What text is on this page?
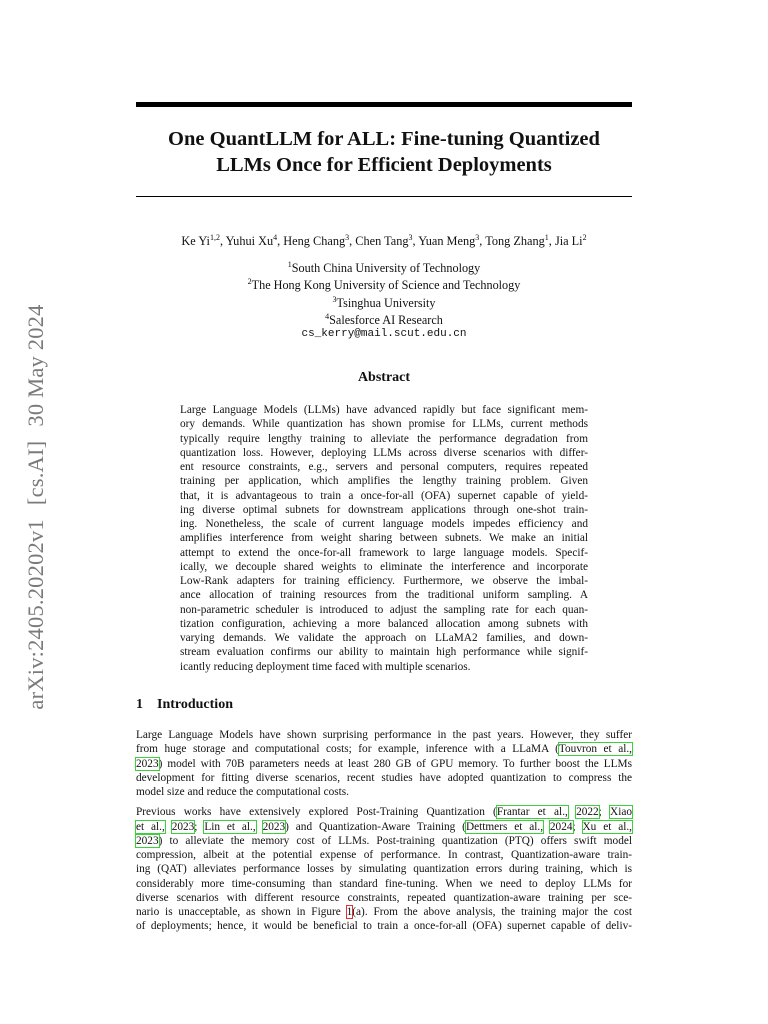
arXiv:2405.20202v1[cs.AI]30 May 2024
One QuantLLM for ALL: Fine-tuning Quantized
LLMs Once for Efficient Deployments
Ke Yi$^{1,2}$, Yuhui Xu$^4$, Heng Chang$^3$, Chen Tang$^3$, Yuan Meng$^3$, Tong Zhang$^1$, Jia Li$^2$
$^1$South China University of Technology
$^2$The Hong Kong University of Science and Technology
$^3$Tsinghua University
$^4$Salesforce AI Research
cs_kerry@mail.scut.edu.cn
Abstract
Large Language Models (LLMs) have advanced rapidly but face significant mem-
ory demands. While quantization has shown promise for LLMs, current methods
typically require lengthy training to alleviate the performance degradation from
quantization loss. However, deploying LLMs across diverse scenarios with differ-
ent resource constraints, e.g., servers and personal computers, requires repeated
training per application, which amplifies the lengthy training problem. Given
that, it is advantageous to train a once-for-all (OFA) supernet capable of yield-
ing diverse optimal subnets for downstream applications through one-shot train-
ing. Nonetheless, the scale of current language models impedes efficiency and
amplifies interference from weight sharing between subnets. We make an initial
attempt to extend the once-for-all framework to large language models. Specif-
ically, we decouple shared weights to eliminate the interference and incorporate
Low-Rank adapters for training efficiency. Furthermore, we observe the imbal-
ance allocation of training resources from the traditional uniform sampling. A
non-parametric scheduler is introduced to adjust the sampling rate for each quan-
tization configuration, achieving a more balanced allocation among subnets with
varying demands. We validate the approach on LLaMA2 families, and down-
stream evaluation confirms our ability to maintain high performance while signif-
icantly reducing deployment time faced with multiple scenarios.
1 Introduction
Large Language Models have shown surprising performance in the past years. However, they suffer
from huge storage and computational costs; for example, inference with a LLaMA (Touvron et al.,
2023) model with 70B parameters needs at least 280 GB of GPU memory. To further boost the LLMs
development for fitting diverse scenarios, recent studies have adopted quantization to compress the
model size and reduce the computational costs.
Previous works have extensively explored Post-Training Quantization (Frantar et al., 2022; Xiao
et al., 2023; Lin et al., 2023) and Quantization-Aware Training (Dettmers et al., 2024; Xu et al.,
2023) to alleviate the memory cost of LLMs. Post-training quantization (PTQ) offers swift model
compression, albeit at the potential expense of performance. In contrast, Quantization-aware train-
ing (QAT) alleviates performance losses by simulating quantization errors during training, which is
considerably more time-consuming than standard fine-tuning. When we need to deploy LLMs for
diverse scenarios with different resource constraints, repeated quantization-aware training per sce-
nario is unacceptable, as shown in Figure 1(a). From the above analysis, the training major the cost
of deployments; hence, it would be beneficial to train a once-for-all (OFA) supernet capable of deliv-
